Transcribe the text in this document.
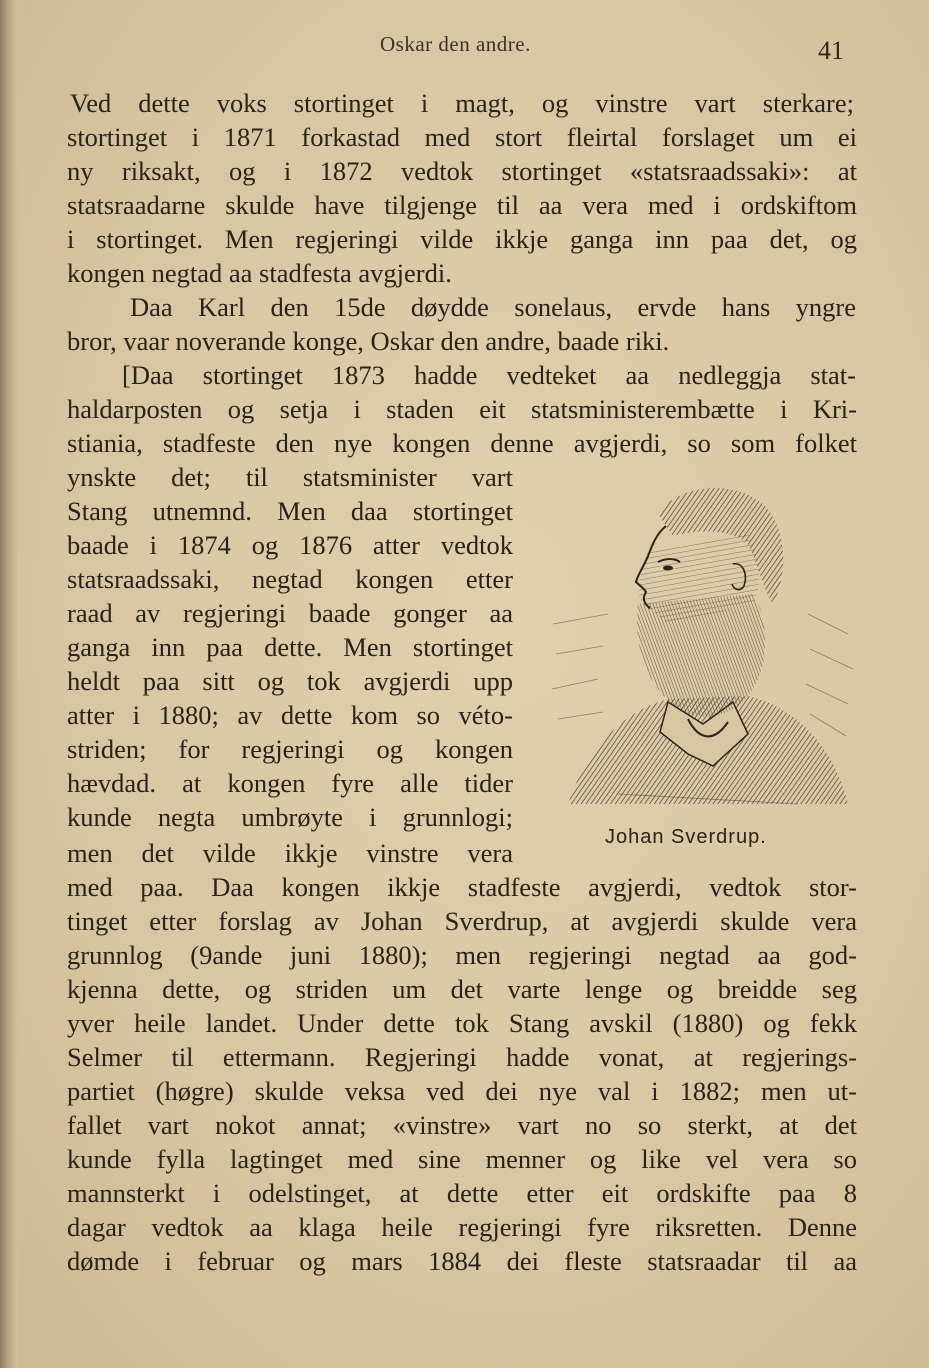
Oskar den andre.	41
Ved dette voks stortinget i magt, og vinstre vart sterkare;
stortinget i 1871 forkastad med stort fleirtal forslaget um ei
ny riksakt, og i 1872 vedtok stortinget «statsraadssaki»: at
statsraadarne skulde have tilgjenge til aa vera med i ordskiftom
i stortinget. Men regjeringi vilde ikkje ganga inn paa det, og
kongen negtad aa stadfesta avgjerdi.
Daa Karl den 15de døydde sonelaus, ervde hans yngre
bror, vaar noverande konge, Oskar den andre, baade riki.
[Daa stortinget 1873 hadde vedteket aa nedleggja stat-
haldarposten og setja i staden eit statsministerembætte i Kri-
stiania, stadfeste den nye kongen denne avgjerdi, so som folket
ynskte det; til statsminister vart
Stang utnemnd. Men daa stortinget
baade i 1874 og 1876 atter vedtok
statsraadssaki, negtad kongen etter
raad av regjeringi baade gonger aa
ganga inn paa dette. Men stortinget
heldt paa sitt og tok avgjerdi upp
atter i 1880; av dette kom so véto-
striden; for regjeringi og kongen
hævdad. at kongen fyre alle tider
kunde negta umbrøyte i grunnlogi;
men det vilde ikkje vinstre vera
med paa. Daa kongen ikkje stadfeste avgjerdi, vedtok stor-
tinget etter forslag av Johan Sverdrup, at avgjerdi skulde vera
grunnlog (9ande juni 1880); men regjeringi negtad aa god-
kjenna dette, og striden um det varte lenge og breidde seg
yver heile landet. Under dette tok Stang avskil (1880) og fekk
Selmer til ettermann. Regjeringi hadde vonat, at regjerings-
partiet (høgre) skulde veksa ved dei nye val i 1882; men ut-
fallet vart nokot annat; «vinstre» vart no so sterkt, at det
kunde fylla lagtinget med sine menner og like vel vera so
mannsterkt i odelstinget, at dette etter eit ordskifte paa 8
dagar vedtok aa klaga heile regjeringi fyre riksretten. Denne
dømde i februar og mars 1884 dei fleste statsraadar til aa
Johan Sverdrup.
